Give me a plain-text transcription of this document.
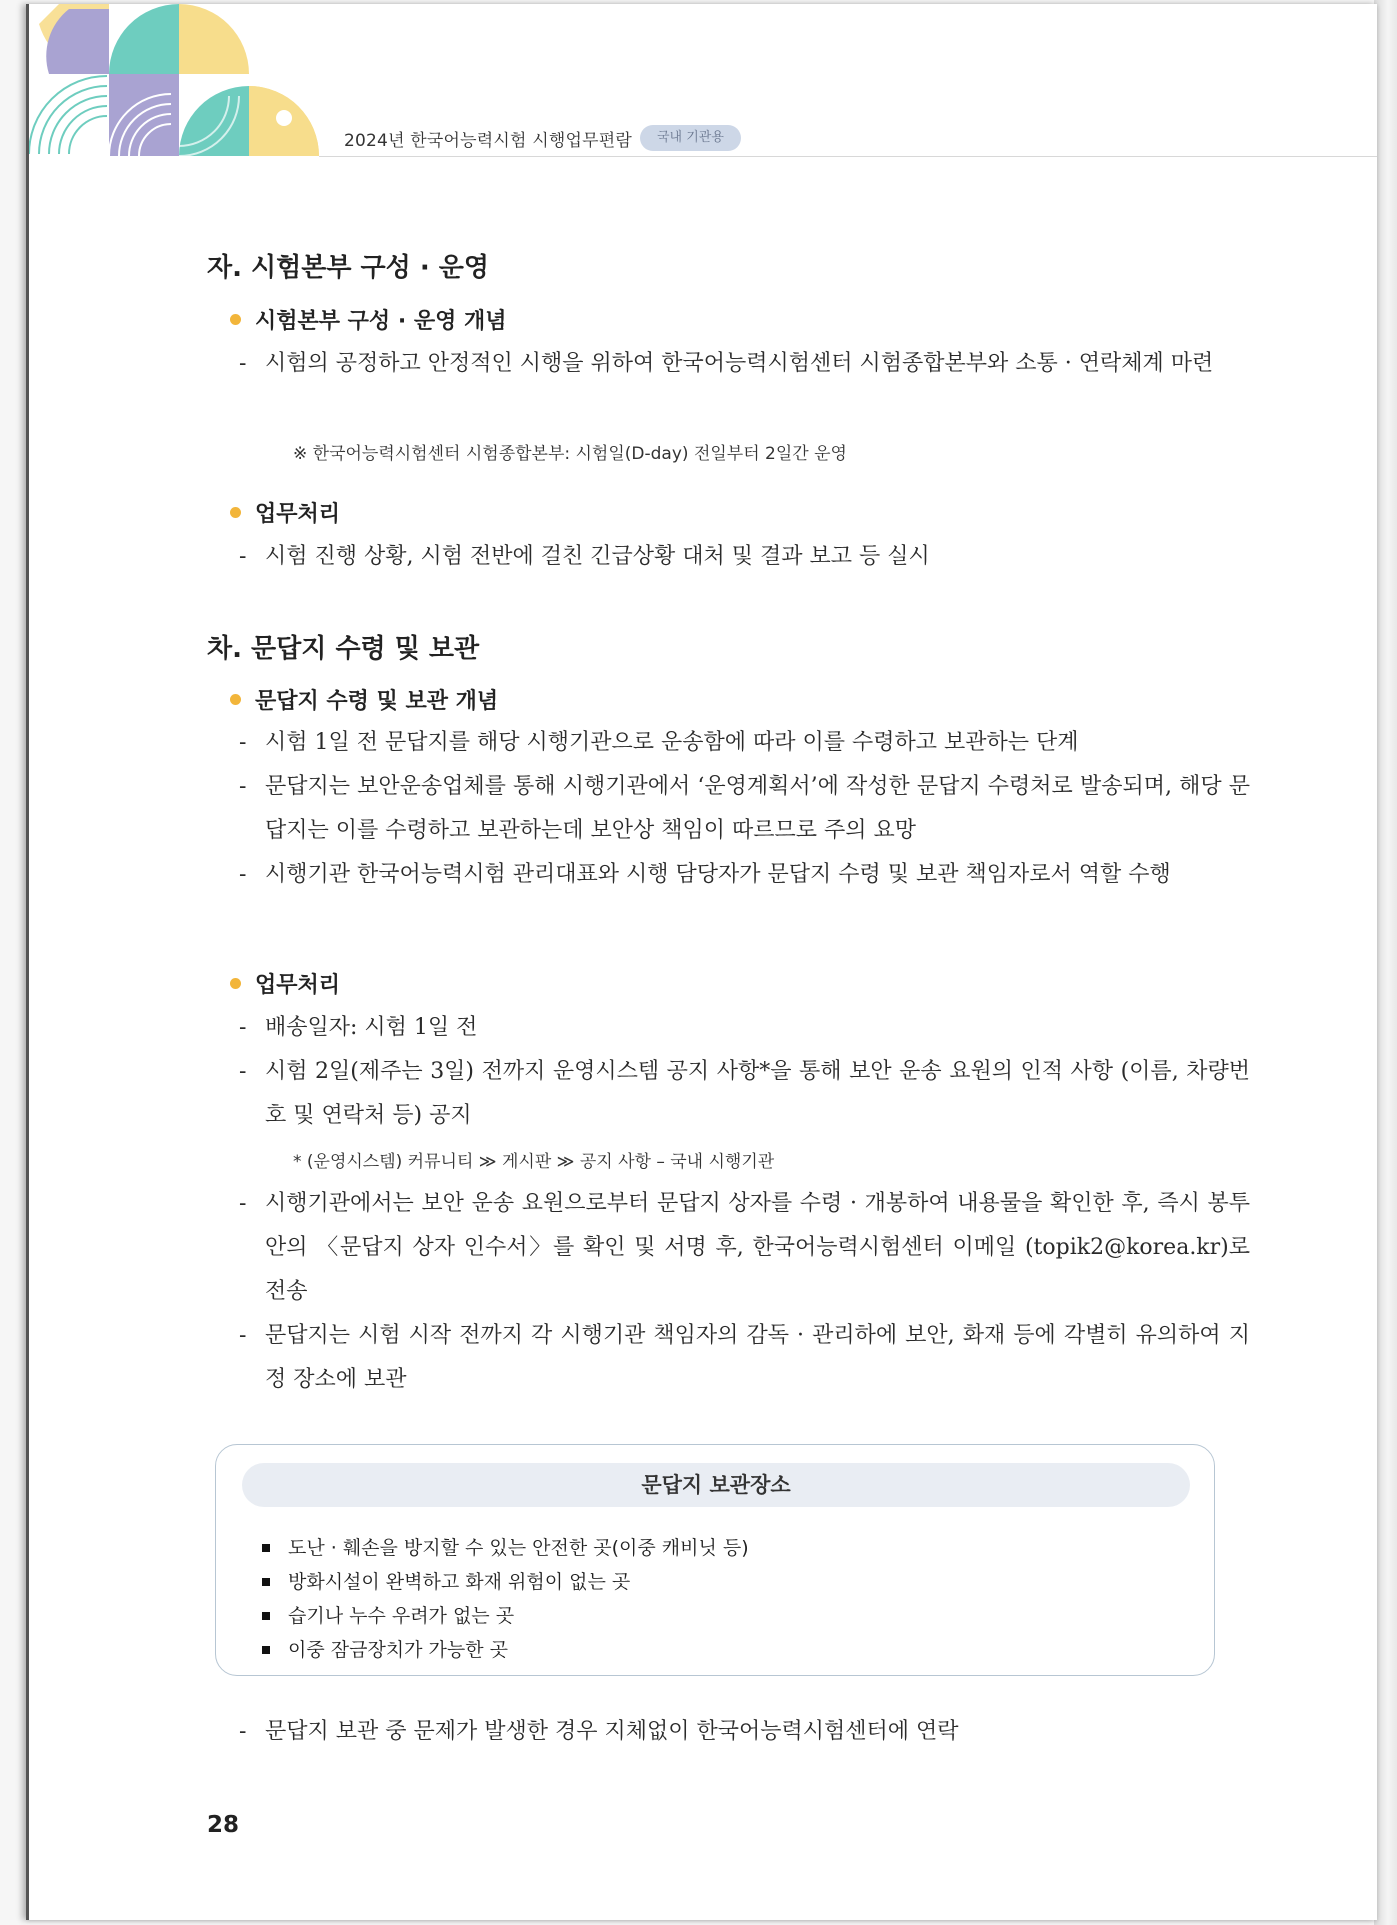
2024년 한국어능력시험 시행업무편람	국내 기관용
자. 시험본부 구성 · 운영
시험본부 구성 · 운영 개념
- 시험의 공정하고 안정적인 시행을 위하여 한국어능력시험센터 시험종합본부와 소통 · 연락체계 마련
※ 한국어능력시험센터 시험종합본부: 시험일(D-day) 전일부터 2일간 운영
업무처리
- 시험 진행 상황, 시험 전반에 걸친 긴급상황 대처 및 결과 보고 등 실시
차. 문답지 수령 및 보관
문답지 수령 및 보관 개념
- 시험 1일 전 문답지를 해당 시행기관으로 운송함에 따라 이를 수령하고 보관하는 단계
- 문답지는 보안운송업체를 통해 시행기관에서 ‘운영계획서’에 작성한 문답지 수령처로 발송되며, 해당 문답지는 이를 수령하고 보관하는데 보안상 책임이 따르므로 주의 요망
- 시행기관 한국어능력시험 관리대표와 시행 담당자가 문답지 수령 및 보관 책임자로서 역할 수행
업무처리
- 배송일자: 시험 1일 전
- 시험 2일(제주는 3일) 전까지 운영시스템 공지 사항*을 통해 보안 운송 요원의 인적 사항 (이름, 차량번호 및 연락처 등) 공지
* (운영시스템) 커뮤니티 ≫ 게시판 ≫ 공지 사항 – 국내 시행기관
- 시행기관에서는 보안 운송 요원으로부터 문답지 상자를 수령 · 개봉하여 내용물을 확인한 후, 즉시 봉투 안의 〈문답지 상자 인수서〉를 확인 및 서명 후, 한국어능력시험센터 이메일 (topik2@korea.kr)로 전송
- 문답지는 시험 시작 전까지 각 시행기관 책임자의 감독 · 관리하에 보안, 화재 등에 각별히 유의하여 지정 장소에 보관
문답지 보관장소
도난 · 훼손을 방지할 수 있는 안전한 곳(이중 캐비닛 등)
방화시설이 완벽하고 화재 위험이 없는 곳
습기나 누수 우려가 없는 곳
이중 잠금장치가 가능한 곳
- 문답지 보관 중 문제가 발생한 경우 지체없이 한국어능력시험센터에 연락
28
